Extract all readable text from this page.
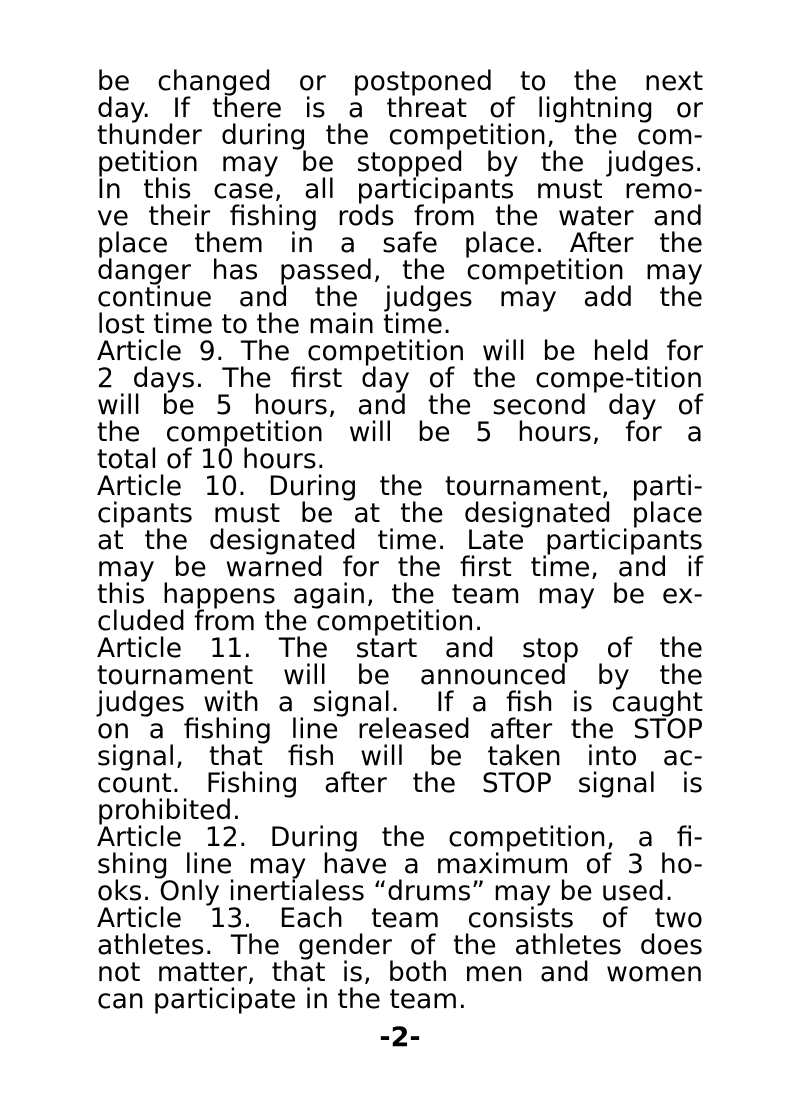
be changed or postponed to the next
day. If there is a threat of lightning or
thunder during the competition, the com-
petition may be stopped by the judges.
In this case, all participants must remo-
ve their fishing rods from the water and
place them in a safe place. After the
danger has passed, the competition may
continue and the judges may add the
lost time to the main time.
Article 9. The competition will be held for
2 days. The first day of the compe-tition
will be 5 hours, and the second day of
the competition will be 5 hours, for a
total of 10 hours.
Article 10. During the tournament, parti-
cipants must be at the designated place
at the designated time. Late participants
may be warned for the first time, and if
this happens again, the team may be ex-
cluded from the competition.
Article 11. The start and stop of the
tournament will be announced by the
judges with a signal. If a fish is caught
on a fishing line released after the STOP
signal, that fish will be taken into ac-
count. Fishing after the STOP signal is
prohibited.
Article 12. During the competition, a fi-
shing line may have a maximum of 3 ho-
oks. Only inertialess “drums” may be used.
Article 13. Each team consists of two
athletes. The gender of the athletes does
not matter, that is, both men and women
can participate in the team.
-2-
